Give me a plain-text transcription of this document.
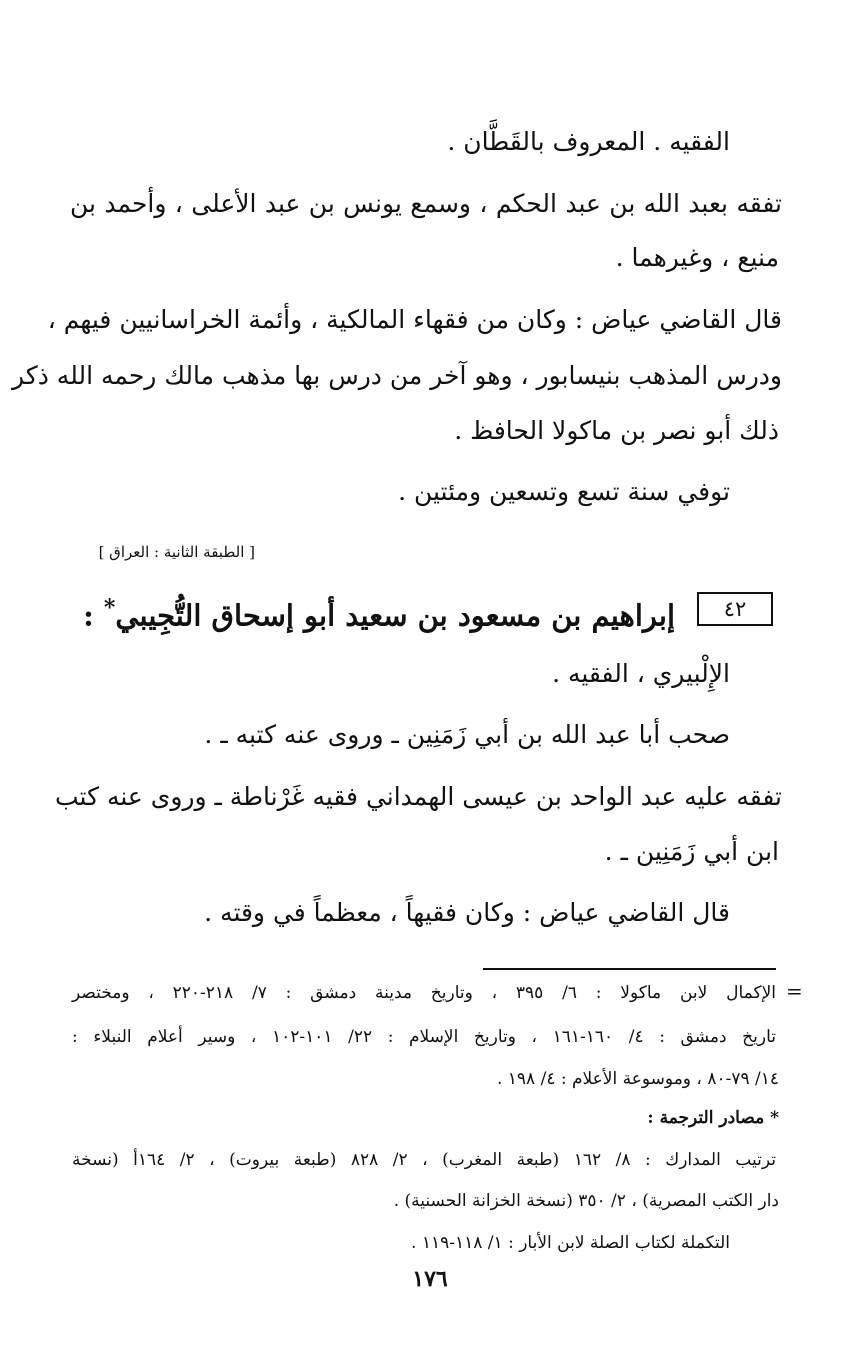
الفقيه . المعروف بالقَطَّان .
تفقه بعبد الله بن عبد الحكم ، وسمع يونس بن عبد الأعلى ، وأحمد بن
منيع ، وغيرهما .
قال القاضي عياض : وكان من فقهاء المالكية ، وأئمة الخراسانيين فيهم ،
ودرس المذهب بنيسابور ، وهو آخر من درس بها مذهب مالك رحمه الله ذكر
ذلك أبو نصر بن ماكولا الحافظ .
توفي سنة تسع وتسعين ومئتين .
[ الطبقة الثانية : العراق ]
٤٢
إبراهيم بن مسعود بن سعيد أبو إسحاق التُّجِيبي* :
الإِلْبيري ، الفقيه .
صحب أبا عبد الله بن أبي زَمَنِين ـ وروى عنه كتبه ـ .
تفقه عليه عبد الواحد بن عيسى الهمداني فقيه غَرْناطة ـ وروى عنه كتب
ابن أبي زَمَنِين ـ .
قال القاضي عياض : وكان فقيهاً ، معظماً في وقته .
=
الإكمال لابن ماكولا : ٦/ ٣٩٥ ، وتاريخ مدينة دمشق : ٧/ ٢١٨-٢٢٠ ، ومختصر
تاريخ دمشق : ٤/ ١٦٠-١٦١ ، وتاريخ الإسلام : ٢٢/ ١٠١-١٠٢ ، وسير أعلام النبلاء :
١٤/ ٧٩-٨٠ ، وموسوعة الأعلام : ٤/ ١٩٨ .
* مصادر الترجمة :
ترتيب المدارك : ٨/ ١٦٢ (طبعة المغرب) ، ٢/ ٨٢٨ (طبعة بيروت) ، ٢/ ١٦٤أ (نسخة
دار الكتب المصرية) ، ٢/ ٣٥٠ (نسخة الخزانة الحسنية) .
التكملة لكتاب الصلة لابن الأبار : ١/ ١١٨-١١٩ .
١٧٦
